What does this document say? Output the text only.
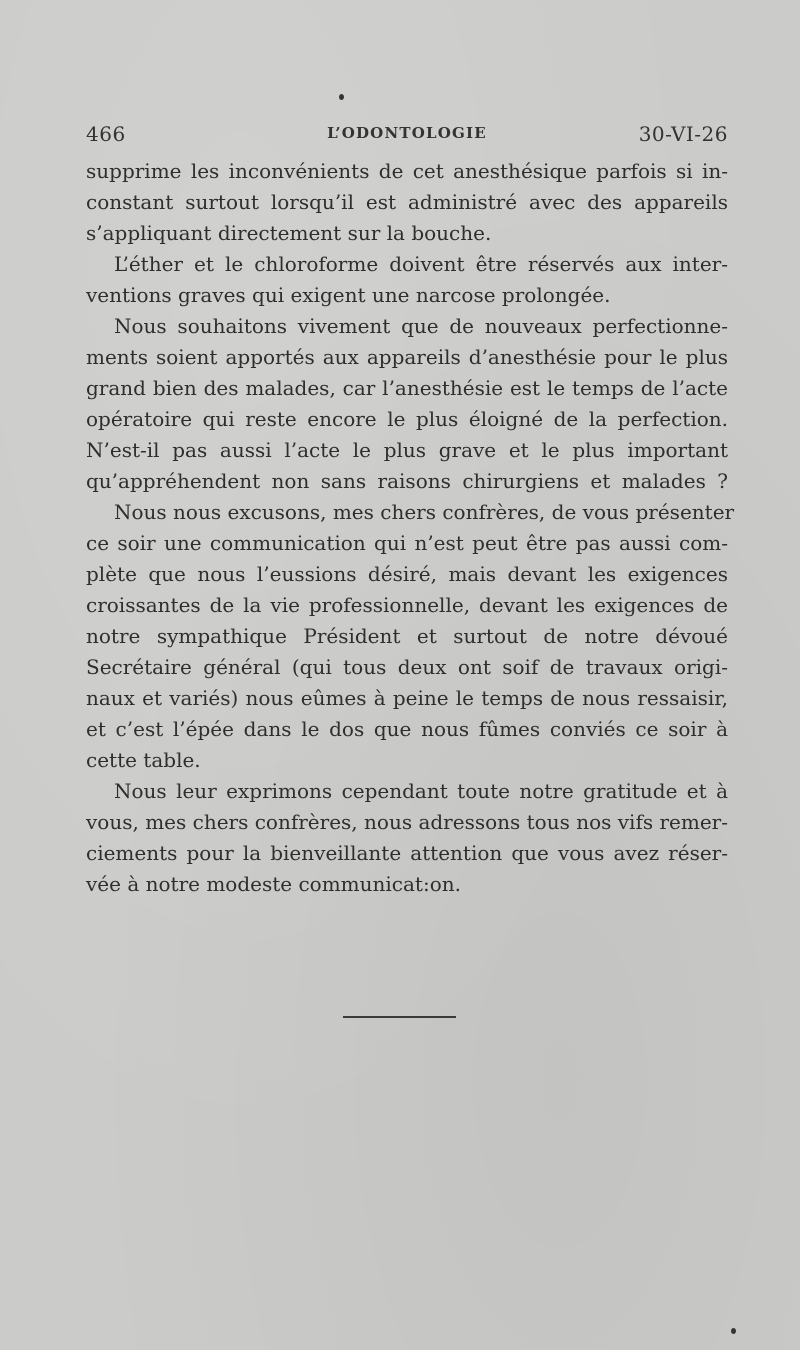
466	L’ODONTOLOGIE	30-VI-26
supprime les inconvénients de cet anesthésique parfois si in-
constant surtout lorsqu’il est administré avec des appareils
s’appliquant directement sur la bouche.
L’éther et le chloroforme doivent être réservés aux inter-
ventions graves qui exigent une narcose prolongée.
Nous souhaitons vivement que de nouveaux perfectionne-
ments soient apportés aux appareils d’anesthésie pour le plus
grand bien des malades, car l’anesthésie est le temps de l’acte
opératoire qui reste encore le plus éloigné de la perfection.
N’est-il pas aussi l’acte le plus grave et le plus important
qu’appréhendent non sans raisons chirurgiens et malades ?
Nous nous excusons, mes chers confrères, de vous présenter
ce soir une communication qui n’est peut être pas aussi com-
plète que nous l’eussions désiré, mais devant les exigences
croissantes de la vie professionnelle, devant les exigences de
notre sympathique Président et surtout de notre dévoué
Secrétaire général (qui tous deux ont soif de travaux origi-
naux et variés) nous eûmes à peine le temps de nous ressaisir,
et c’est l’épée dans le dos que nous fûmes conviés ce soir à
cette table.
Nous leur exprimons cependant toute notre gratitude et à
vous, mes chers confrères, nous adressons tous nos vifs remer-
ciements pour la bienveillante attention que vous avez réser-
vée à notre modeste communicat:on.
